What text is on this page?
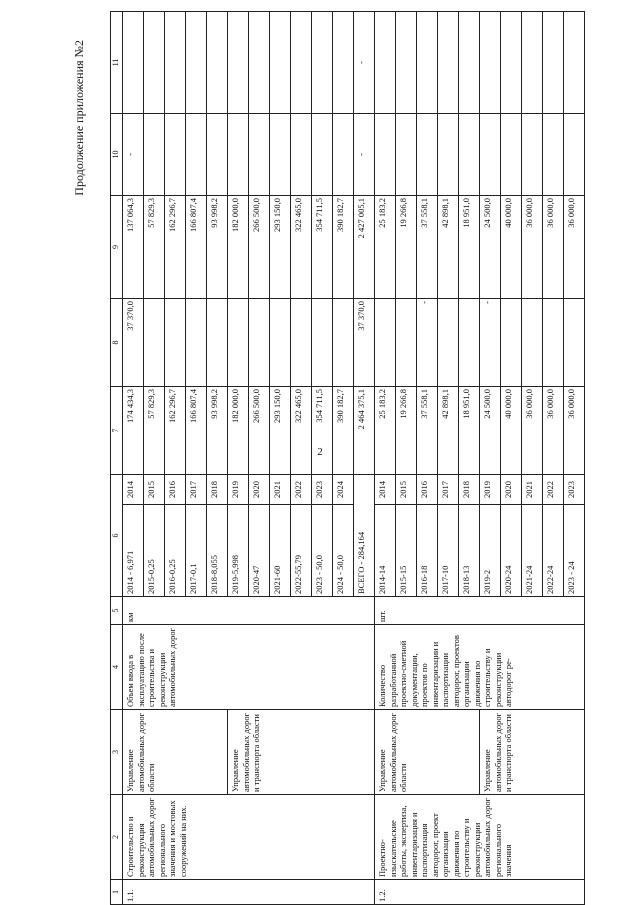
2
1	2	3	4	5	6		7	8	9	10	11
1.1.	Строительство и реконструкция автомобильных дорог регионального значения и мостовых сооружений на них.	Управление автомобильных дорог области	Объем ввода в эксплуатацию после строительства и реконструкции автомобильных дорог	км	2014 - 6,971	2014	174 434,3	37 370,0	137 064,3	-	
					2015-0,25	2015	57 829,3		57 829,3		
					2016-0,25	2016	162 296,7		162 296,7		
					2017-0,1	2017	166 807,4		166 807,4		
					2018-8,055	2018	93 998,2		93 998,2		
		Управление автомобильных дорог и транспорта области			2019-5,998	2019	182 000,0		182 000,0		
					2020-47	2020	266 500,0		266 500,0		
					2021-60	2021	293 150,0		293 150,0		
					2022-55,79	2022	322 465,0		322 465,0		
					2023 - 50,0	2023	354 711,5		354 711,5		
					2024 - 50,0	2024	390 182,7		390 182,7		
					ВСЕГО - 284,164		2 464 375,1	37 370,0	2 427 005,1	-	-
1.2.	Проектно-изыскательские работы, экспертиза, инвентаризация и паспортизация автодорог, проект организации движения по строительству и реконструкции автомобильных дорог регионального значения	Управление автомобильных дорог области	Количество разработанной проектно-сметной документации, проектов по инвентаризации и паспортизации автодорог, проектов организации движения по строительству и реконструкции автодорог ре-	шт.	2014-14	2014	25 183,2		25 183,2		
					2015-15	2015	19 266,8		19 266,8		
					2016-18	2016	37 558,1	-	37 558,1		
					2017-10	2017	42 898,1		42 898,1		
					2018-13	2018	18 951,0		18 951,0		
		Управление автомобильных дорог и транспорта области			2019-2	2019	24 500,0	-	24 500,0		
					2020-24	2020	40 000,0		40 000,0		
					2021-24	2021	36 000,0		36 000,0		
					2022-24	2022	36 000,0		36 000,0		
					2023 - 24	2023	36 000,0		36 000,0		
Продолжение приложения №2
